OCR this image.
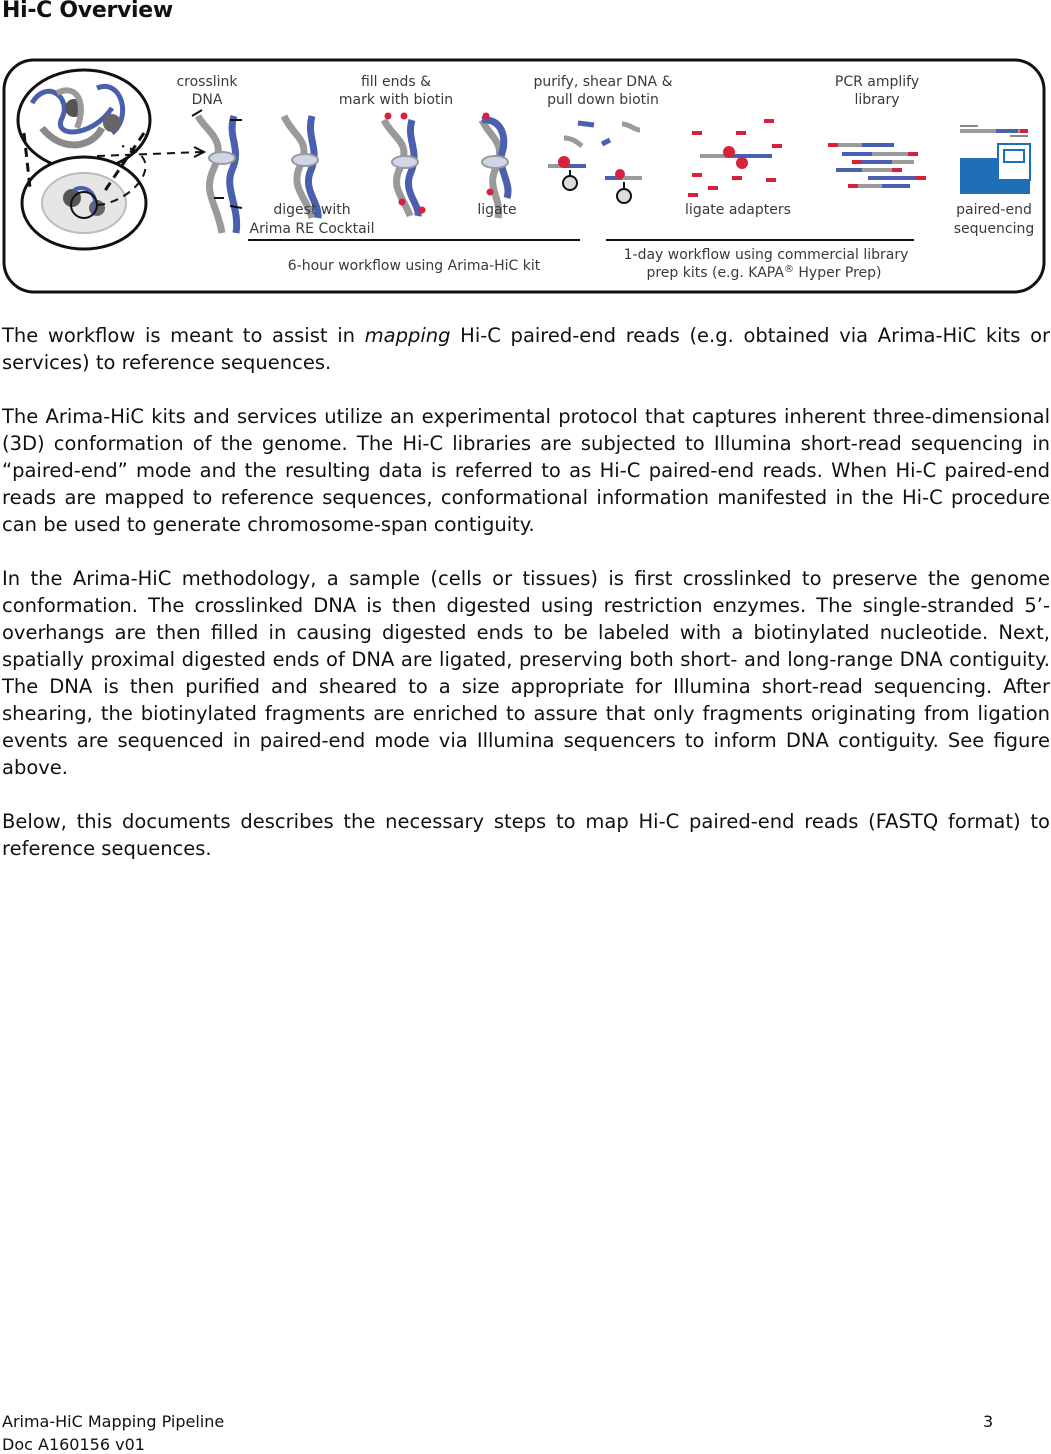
Hi-C Overview
crosslink
DNA
fill ends &
mark with biotin
purify, shear DNA &
pull down biotin
PCR amplify
library
digest with
Arima RE Cocktail
ligate	ligate adapters	paired-end
sequencing
6-hour workflow using Arima-HiC kit
1-day workflow using commercial library
prep kits (e.g. KAPA® Hyper Prep)

The workflow is meant to assist in mapping Hi-C paired-end reads (e.g. obtained via Arima-HiC kits or services) to reference sequences.

The Arima-HiC kits and services utilize an experimental protocol that captures inherent three-dimensional (3D) conformation of the genome. The Hi-C libraries are subjected to Illumina short-read sequencing in “paired-end” mode and the resulting data is referred to as Hi-C paired-end reads. When Hi-C paired-end reads are mapped to reference sequences, conformational information manifested in the Hi-C procedure can be used to generate chromosome-span contiguity.

In the Arima-HiC methodology, a sample (cells or tissues) is first crosslinked to preserve the genome conformation. The crosslinked DNA is then digested using restriction enzymes. The single-stranded 5’-overhangs are then filled in causing digested ends to be labeled with a biotinylated nucleotide. Next, spatially proximal digested ends of DNA are ligated, preserving both short- and long-range DNA contiguity. The DNA is then purified and sheared to a size appropriate for Illumina short-read sequencing. After shearing, the biotinylated fragments are enriched to assure that only fragments originating from ligation events are sequenced in paired-end mode via Illumina sequencers to inform DNA contiguity. See figure above.

Below, this documents describes the necessary steps to map Hi-C paired-end reads (FASTQ format) to reference sequences.

Arima-HiC Mapping Pipeline
Doc A160156 v01
3
